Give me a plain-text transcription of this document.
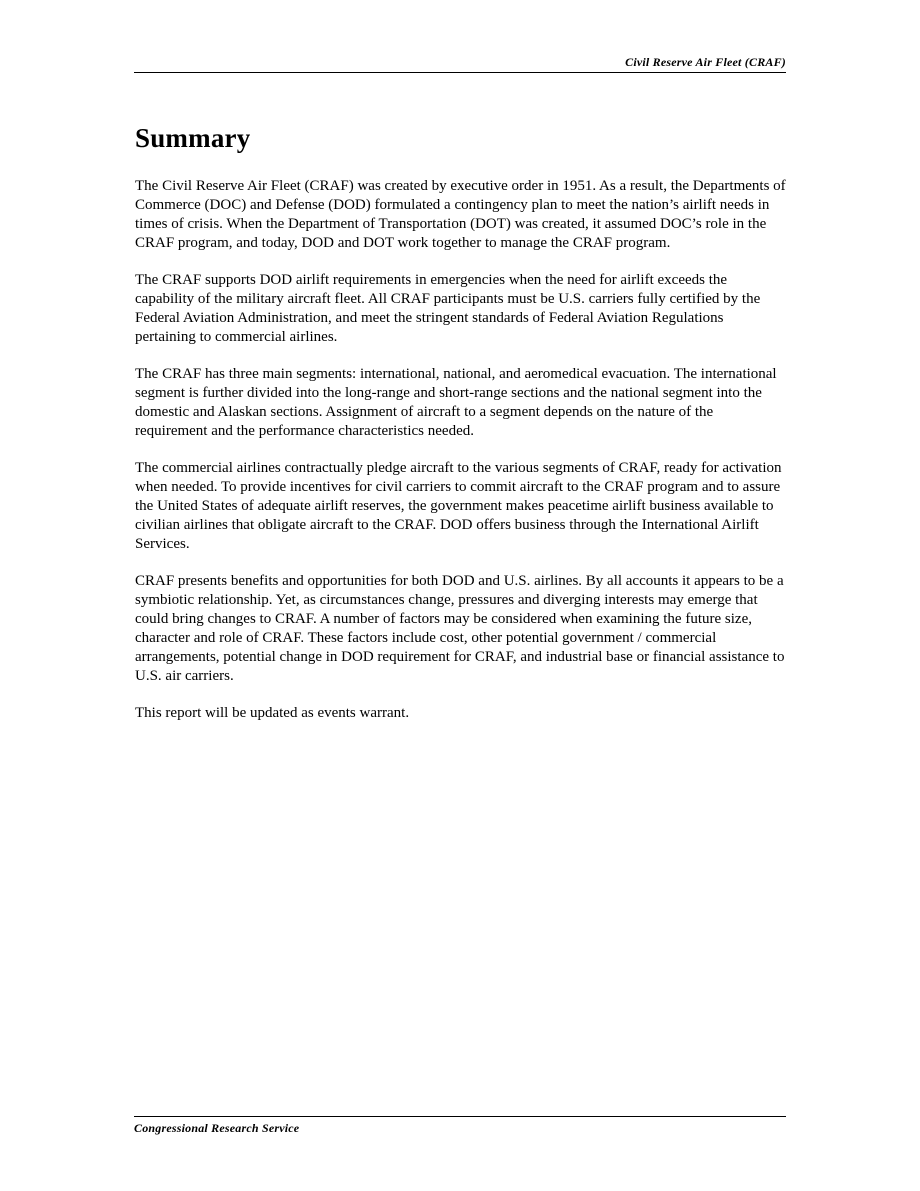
Civil Reserve Air Fleet (CRAF)
Summary

The Civil Reserve Air Fleet (CRAF) was created by executive order in 1951. As a result, the Departments of Commerce (DOC) and Defense (DOD) formulated a contingency plan to meet the nation’s airlift needs in times of crisis. When the Department of Transportation (DOT) was created, it assumed DOC’s role in the CRAF program, and today, DOD and DOT work together to manage the CRAF program.

The CRAF supports DOD airlift requirements in emergencies when the need for airlift exceeds the capability of the military aircraft fleet. All CRAF participants must be U.S. carriers fully certified by the Federal Aviation Administration, and meet the stringent standards of Federal Aviation Regulations pertaining to commercial airlines.

The CRAF has three main segments: international, national, and aeromedical evacuation. The international segment is further divided into the long-range and short-range sections and the national segment into the domestic and Alaskan sections. Assignment of aircraft to a segment depends on the nature of the requirement and the performance characteristics needed.

The commercial airlines contractually pledge aircraft to the various segments of CRAF, ready for activation when needed. To provide incentives for civil carriers to commit aircraft to the CRAF program and to assure the United States of adequate airlift reserves, the government makes peacetime airlift business available to civilian airlines that obligate aircraft to the CRAF. DOD offers business through the International Airlift Services.

CRAF presents benefits and opportunities for both DOD and U.S. airlines. By all accounts it appears to be a symbiotic relationship. Yet, as circumstances change, pressures and diverging interests may emerge that could bring changes to CRAF. A number of factors may be considered when examining the future size, character and role of CRAF. These factors include cost, other potential government / commercial arrangements, potential change in DOD requirement for CRAF, and industrial base or financial assistance to U.S. air carriers.

This report will be updated as events warrant.

Congressional Research Service
